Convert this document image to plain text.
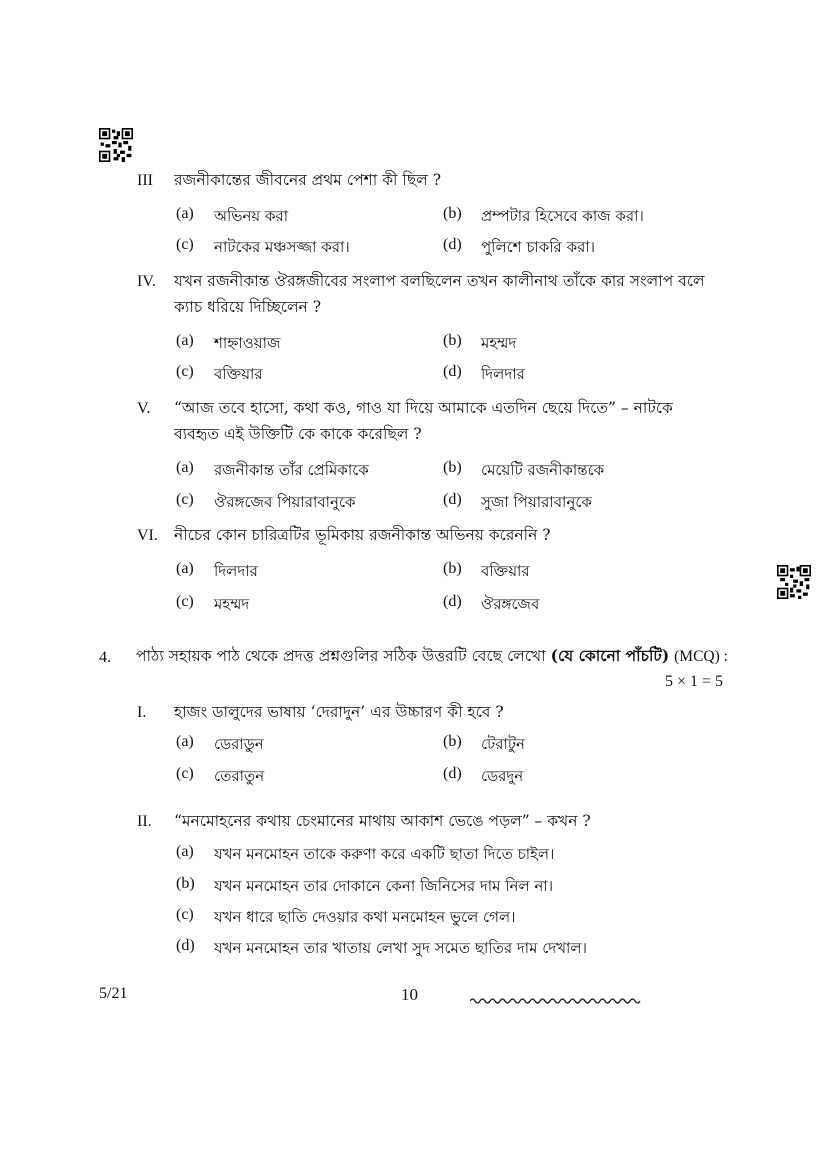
III রজনীকান্তের জীবনের প্রথম পেশা কী ছিল ?
(a) অভিনয় করা	(b) প্রম্পটার হিসেবে কাজ করা।
(c) নাটকের মঞ্চসজ্জা করা।	(d) পুলিশে চাকরি করা।
IV. যখন রজনীকান্ত ঔরঙ্গজীবের সংলাপ বলছিলেন তখন কালীনাথ তাঁকে কার সংলাপ বলে
ক্যাচ ধরিয়ে দিচ্ছিলেন ?
(a) শাহ্নাওয়াজ	(b) মহম্মদ
(c) বক্তিয়ার	(d) দিলদার
V. “আজ তবে হাসো, কথা কও, গাও যা দিয়ে আমাকে এতদিন ছেয়ে দিতে” – নাটকে
ব্যবহৃত এই উক্তিটি কে কাকে করেছিল ?
(a) রজনীকান্ত তাঁর প্রেমিকাকে	(b) মেয়েটি রজনীকান্তকে
(c) ঔরঙ্গজেব পিয়ারাবানুকে	(d) সুজা পিয়ারাবানুকে
VI. নীচের কোন চারিত্রটির ভূমিকায় রজনীকান্ত অভিনয় করেননি ?
(a) দিলদার	(b) বক্তিয়ার
(c) মহম্মদ	(d) ঔরঙ্গজেব
4. পাঠ্য সহায়ক পাঠ থেকে প্রদত্ত প্রশ্নগুলির সঠিক উত্তরটি বেছে লেখো (যে কোনো পাঁচটি) (MCQ) :
5 × 1 = 5
I. হাজং ডালুদের ভাষায় ‘দেরাদুন’ এর উচ্চারণ কী হবে ?
(a) ডেরাডুন	(b) টেরাটুন
(c) তেরাতুন	(d) ডেরদুন
II. “মনমোহনের কথায় চেংমানের মাথায় আকাশ ভেঙে পড়ল” – কখন ?
(a) যখন মনমোহন তাকে করুণা করে একটি ছাতা দিতে চাইল।
(b) যখন মনমোহন তার দোকানে কেনা জিনিসের দাম নিল না।
(c) যখন ধারে ছাতি দেওয়ার কথা মনমোহন ভুলে গেল।
(d) যখন মনমোহন তার খাতায় লেখা সুদ সমেত ছাতির দাম দেখাল।
5/21	10
